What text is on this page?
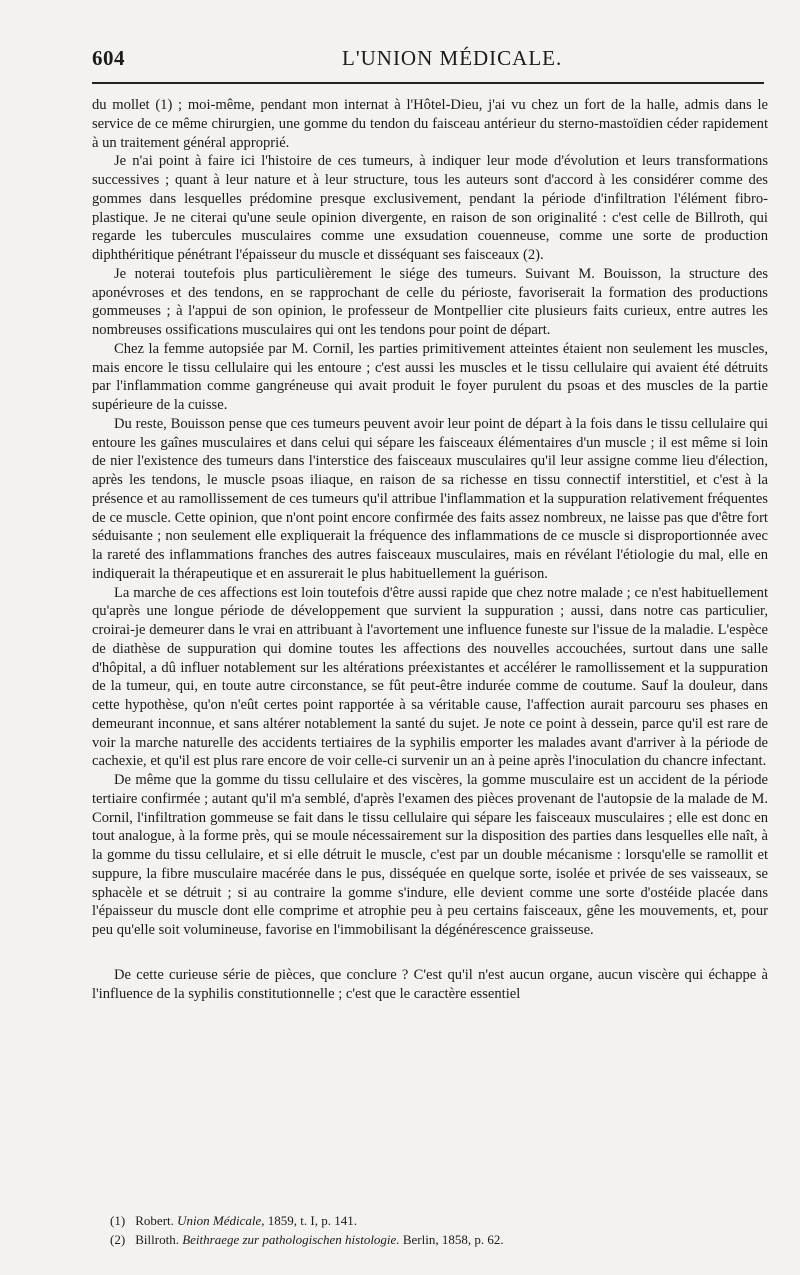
604	L'UNION MÉDICALE.

du mollet (1) ; moi-même, pendant mon internat à l'Hôtel-Dieu, j'ai vu chez un fort de la halle, admis dans le service de ce même chirurgien, une gomme du tendon du faisceau antérieur du sterno-mastoïdien céder rapidement à un traitement général approprié.

Je n'ai point à faire ici l'histoire de ces tumeurs, à indiquer leur mode d'évolution et leurs transformations successives ; quant à leur nature et à leur structure, tous les auteurs sont d'accord à les considérer comme des gommes dans lesquelles prédomine presque exclusivement, pendant la période d'infiltration l'élément fibro-plastique. Je ne citerai qu'une seule opinion divergente, en raison de son originalité : c'est celle de Billroth, qui regarde les tubercules musculaires comme une exsudation couenneuse, comme une sorte de production diphthéritique pénétrant l'épaisseur du muscle et disséquant ses faisceaux (2).

Je noterai toutefois plus particulièrement le siége des tumeurs. Suivant M. Bouisson, la structure des aponévroses et des tendons, en se rapprochant de celle du périoste, favoriserait la formation des productions gommeuses ; à l'appui de son opinion, le professeur de Montpellier cite plusieurs faits curieux, entre autres les nombreuses ossifications musculaires qui ont les tendons pour point de départ.

Chez la femme autopsiée par M. Cornil, les parties primitivement atteintes étaient non seulement les muscles, mais encore le tissu cellulaire qui les entoure ; c'est aussi les muscles et le tissu cellulaire qui avaient été détruits par l'inflammation comme gangréneuse qui avait produit le foyer purulent du psoas et des muscles de la partie supérieure de la cuisse.

Du reste, Bouisson pense que ces tumeurs peuvent avoir leur point de départ à la fois dans le tissu cellulaire qui entoure les gaînes musculaires et dans celui qui sépare les faisceaux élémentaires d'un muscle ; il est même si loin de nier l'existence des tumeurs dans l'interstice des faisceaux musculaires qu'il leur assigne comme lieu d'élection, après les tendons, le muscle psoas iliaque, en raison de sa richesse en tissu connectif interstitiel, et c'est à la présence et au ramollissement de ces tumeurs qu'il attribue l'inflammation et la suppuration relativement fréquentes de ce muscle. Cette opinion, que n'ont point encore confirmée des faits assez nombreux, ne laisse pas que d'être fort séduisante ; non seulement elle expliquerait la fréquence des inflammations de ce muscle si disproportionnée avec la rareté des inflammations franches des autres faisceaux musculaires, mais en révélant l'étiologie du mal, elle en indiquerait la thérapeutique et en assurerait le plus habituellement la guérison.

La marche de ces affections est loin toutefois d'être aussi rapide que chez notre malade ; ce n'est habituellement qu'après une longue période de développement que survient la suppuration ; aussi, dans notre cas particulier, croirai-je demeurer dans le vrai en attribuant à l'avortement une influence funeste sur l'issue de la maladie. L'espèce de diathèse de suppuration qui domine toutes les affections des nouvelles accouchées, surtout dans une salle d'hôpital, a dû influer notablement sur les altérations préexistantes et accélérer le ramollissement et la suppuration de la tumeur, qui, en toute autre circonstance, se fût peut-être indurée comme de coutume. Sauf la douleur, dans cette hypothèse, qu'on n'eût certes point rapportée à sa véritable cause, l'affection aurait parcouru ses phases en demeurant inconnue, et sans altérer notablement la santé du sujet. Je note ce point à dessein, parce qu'il est rare de voir la marche naturelle des accidents tertiaires de la syphilis emporter les malades avant d'arriver à la période de cachexie, et qu'il est plus rare encore de voir celle-ci survenir un an à peine après l'inoculation du chancre infectant.

De même que la gomme du tissu cellulaire et des viscères, la gomme musculaire est un accident de la période tertiaire confirmée ; autant qu'il m'a semblé, d'après l'examen des pièces provenant de l'autopsie de la malade de M. Cornil, l'infiltration gommeuse se fait dans le tissu cellulaire qui sépare les faisceaux musculaires ; elle est donc en tout analogue, à la forme près, qui se moule nécessairement sur la disposition des parties dans lesquelles elle naît, à la gomme du tissu cellulaire, et si elle détruit le muscle, c'est par un double mécanisme : lorsqu'elle se ramollit et suppure, la fibre musculaire macérée dans le pus, disséquée en quelque sorte, isolée et privée de ses vaisseaux, se sphacèle et se détruit ; si au contraire la gomme s'indure, elle devient comme une sorte d'ostéide placée dans l'épaisseur du muscle dont elle comprime et atrophie peu à peu certains faisceaux, gêne les mouvements, et, pour peu qu'elle soit volumineuse, favorise en l'immobilisant la dégénérescence graisseuse.

De cette curieuse série de pièces, que conclure ? C'est qu'il n'est aucun organe, aucun viscère qui échappe à l'influence de la syphilis constitutionnelle ; c'est que le caractère essentiel

(1) Robert. Union Médicale, 1859, t. I, p. 141.
(2) Billroth. Beithraege zur pathologischen histologie. Berlin, 1858, p. 62.
